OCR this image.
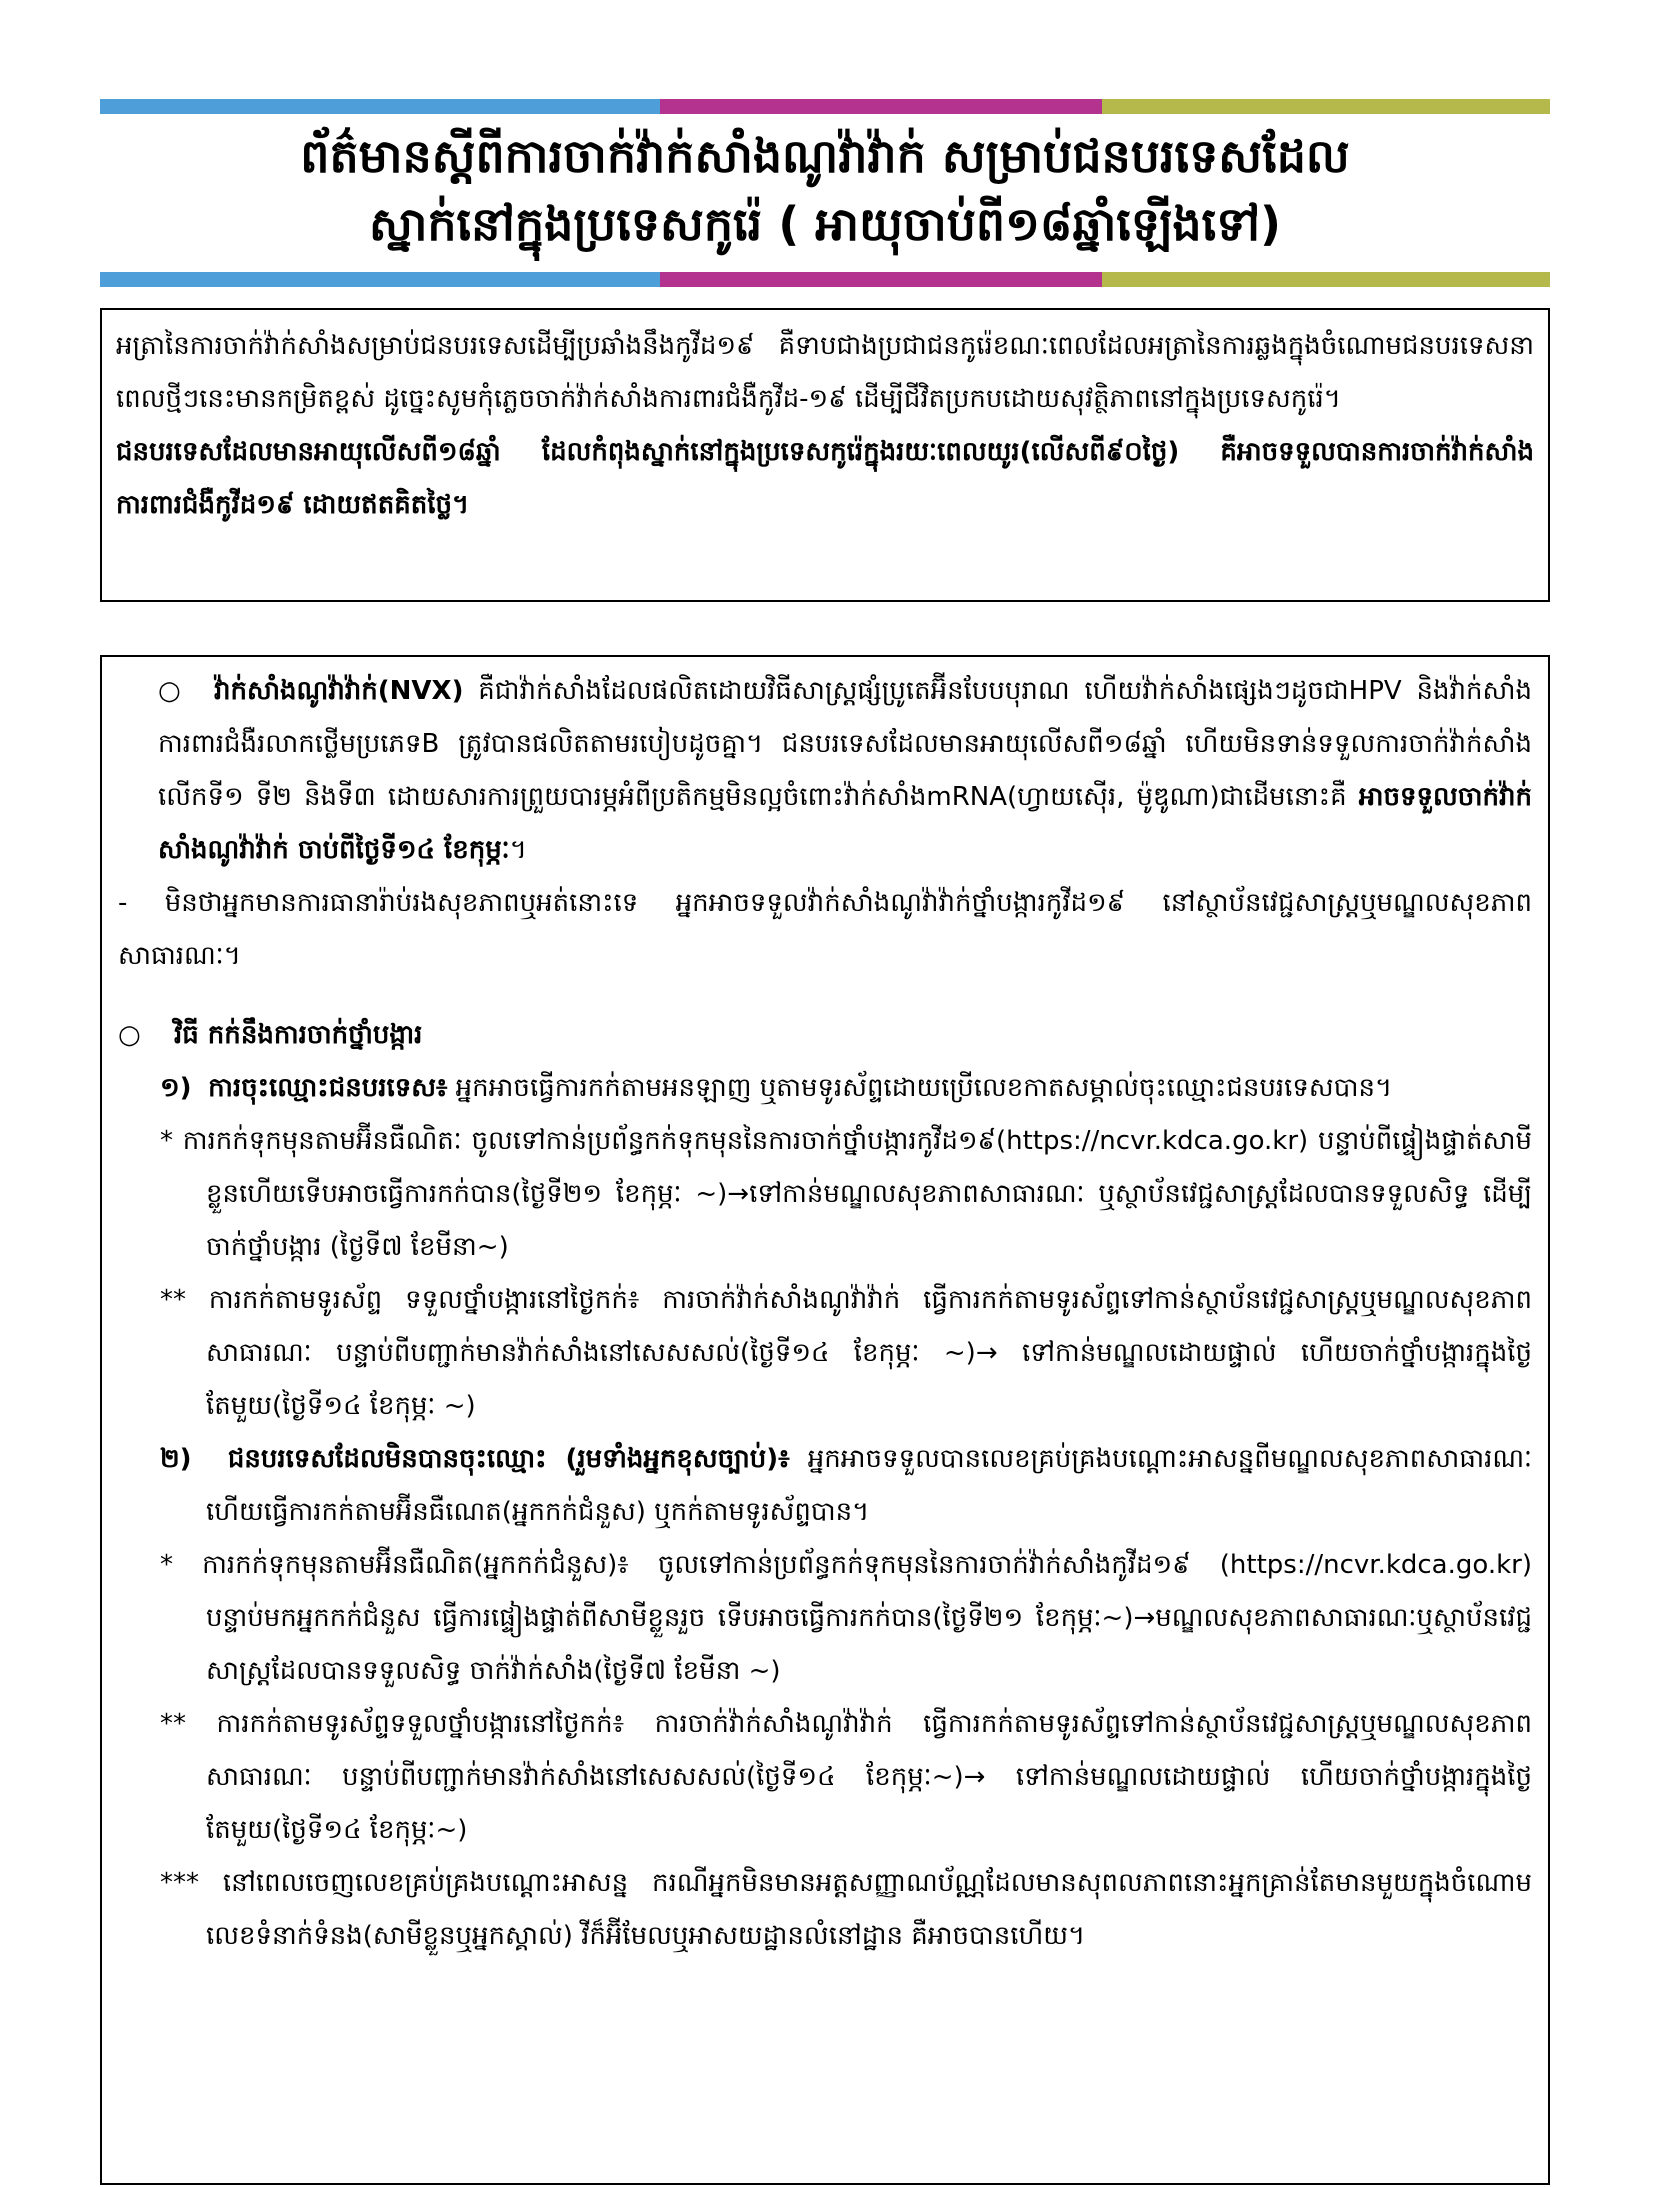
ព័ត៌មានស្តីពីការចាក់វ៉ាក់សាំងណូវ៉ាវ៉ាក់ សម្រាប់ជនបរទេសដែល
ស្នាក់នៅក្នុងប្រទេសកូរ៉េ ( អាយុចាប់ពី១៨ឆ្នាំឡើងទៅ)

អត្រានៃការចាក់វ៉ាក់សាំងសម្រាប់ជនបរទេសដើម្បីប្រឆាំងនឹងកូវីដ១៩ គឺទាបជាងប្រជាជនកូរ៉េខណៈពេលដែលអត្រានៃការឆ្លងក្នុងចំណោមជនបរទេសនាពេលថ្មីៗនេះមានកម្រិតខ្ពស់ ដូច្នេះសូមកុំភ្លេចចាក់វ៉ាក់សាំងការពារជំងឺកូវីដ-១៩ ដើម្បីជីវិតប្រកបដោយសុវត្ថិភាពនៅក្នុងប្រទេសកូរ៉េ។

ជនបរទេសដែលមានអាយុលើសពី១៨ឆ្នាំ ដែលកំពុងស្នាក់នៅក្នុងប្រទេសកូរ៉េក្នុងរយៈពេលយូរ(លើសពី៩០ថ្ងៃ) គឺអាចទទួលបានការចាក់វ៉ាក់សាំងការពារជំងឺកូវីដ១៩ ដោយឥតគិតថ្លៃ។

○ វ៉ាក់សាំងណូវ៉ាវ៉ាក់(NVX) គឺជាវ៉ាក់សាំងដែលផលិតដោយវិធីសាស្ត្រផ្សំប្រូតេអ៊ីនបែបបុរាណ ហើយវ៉ាក់សាំងផ្សេងៗដូចជាHPV និងវ៉ាក់សាំងការពារជំងឺរលាកថ្លើមប្រភេទB ត្រូវបានផលិតតាមរបៀបដូចគ្នា។ ជនបរទេសដែលមានអាយុលើសពី១៨ឆ្នាំ ហើយមិនទាន់ទទួលការចាក់វ៉ាក់សាំងលើកទី១ ទី២ និងទី៣ ដោយសារការព្រួយបារម្ភអំពីប្រតិកម្មមិនល្អចំពោះវ៉ាក់សាំងmRNA(ហ្វាយស៊ើរ, ម៉ូឌូណា)ជាដើមនោះគឺ អាចទទួលចាក់វ៉ាក់សាំងណូវ៉ាវ៉ាក់ ចាប់ពីថ្ងៃទី១៤ ខែកុម្ភៈ។

- មិនថាអ្នកមានការធានារ៉ាប់រងសុខភាពឬអត់នោះទេ អ្នកអាចទទួលវ៉ាក់សាំងណូវ៉ាវ៉ាក់ថ្នាំបង្ការកូវីដ១៩ នៅស្ថាប័នវេជ្ជសាស្ត្រឬមណ្ឌលសុខភាពសាធារណៈ។

○ វិធី កក់នឹងការចាក់ថ្នាំបង្ការ

១) ការចុះឈ្មោះជនបរទេស៖ អ្នកអាចធ្វើការកក់តាមអនឡាញ ឬតាមទូរស័ព្ទដោយប្រើលេខកាតសម្គាល់ចុះឈ្មោះជនបរទេសបាន។

* ការកក់ទុកមុនតាមអ៊ីនធឺណិតៈ ចូលទៅកាន់ប្រព័ន្ធកក់ទុកមុននៃការចាក់ថ្នាំបង្ការកូវីដ១៩(https://ncvr.kdca.go.kr) បន្ទាប់ពីផ្ទៀងផ្ទាត់សាមីខ្លួនហើយទើបអាចធ្វើការកក់បាន(ថ្ងៃទី២១ ខែកុម្ភៈ ~)→ទៅកាន់មណ្ឌលសុខភាពសាធារណៈ ឬស្ថាប័នវេជ្ជសាស្ត្រដែលបានទទួលសិទ្ធ ដើម្បីចាក់ថ្នាំបង្ការ (ថ្ងៃទី៧ ខែមីនា~)

** ការកក់តាមទូរស័ព្ទ ទទួលថ្នាំបង្ការនៅថ្ងៃកក់៖ ការចាក់វ៉ាក់សាំងណូវ៉ាវ៉ាក់ ធ្វើការកក់តាមទូរស័ព្ទទៅកាន់ស្ថាប័នវេជ្ជសាស្ត្រឬមណ្ឌលសុខភាពសាធារណៈ បន្ទាប់ពីបញ្ជាក់មានវ៉ាក់សាំងនៅសេសសល់(ថ្ងៃទី១៤ ខែកុម្ភៈ ~)→ ទៅកាន់មណ្ឌលដោយផ្ទាល់ ហើយចាក់ថ្នាំបង្ការក្នុងថ្ងៃតែមួយ(ថ្ងៃទី១៤ ខែកុម្ភៈ ~)

២) ជនបរទេសដែលមិនបានចុះឈ្មោះ (រួមទាំងអ្នកខុសច្បាប់)៖ អ្នកអាចទទួលបានលេខគ្រប់គ្រងបណ្តោះអាសន្នពីមណ្ឌលសុខភាពសាធារណៈ ហើយធ្វើការកក់តាមអ៊ីនធឺណេត(អ្នកកក់ជំនួស) ឬកក់តាមទូរស័ព្ទបាន។

* ការកក់ទុកមុនតាមអ៊ីនធឺណិត(អ្នកកក់ជំនួស)៖ ចូលទៅកាន់ប្រព័ន្ធកក់ទុកមុននៃការចាក់វ៉ាក់សាំងកូវីដ១៩ (https://ncvr.kdca.go.kr) បន្ទាប់មកអ្នកកក់ជំនួស ធ្វើការផ្ទៀងផ្ទាត់ពីសាមីខ្លួនរួច ទើបអាចធ្វើការកក់បាន(ថ្ងៃទី២១ ខែកុម្ភៈ~)→មណ្ឌលសុខភាពសាធារណៈឬស្ថាប័នវេជ្ជសាស្ត្រដែលបានទទួលសិទ្ធ ចាក់វ៉ាក់សាំង(ថ្ងៃទី៧ ខែមីនា ~)

** ការកក់តាមទូរស័ព្ទទទួលថ្នាំបង្ការនៅថ្ងៃកក់៖ ការចាក់វ៉ាក់សាំងណូវ៉ាវ៉ាក់ ធ្វើការកក់តាមទូរស័ព្ទទៅកាន់ស្ថាប័នវេជ្ជសាស្ត្រឬមណ្ឌលសុខភាពសាធារណៈ បន្ទាប់ពីបញ្ជាក់មានវ៉ាក់សាំងនៅសេសសល់(ថ្ងៃទី១៤ ខែកុម្ភៈ~)→ ទៅកាន់មណ្ឌលដោយផ្ទាល់ ហើយចាក់ថ្នាំបង្ការក្នុងថ្ងៃតែមួយ(ថ្ងៃទី១៤ ខែកុម្ភៈ~)

*** នៅពេលចេញលេខគ្រប់គ្រងបណ្តោះអាសន្ន ករណីអ្នកមិនមានអត្តសញ្ញាណប័ណ្ណដែលមានសុពលភាពនោះអ្នកគ្រាន់តែមានមួយក្នុងចំណោម លេខទំនាក់ទំនង(សាមីខ្លួនឬអ្នកស្គាល់) វីក៏អ៊ីមែលឬអាសយដ្ឋានលំនៅដ្ឋាន គឺអាចបានហើយ។
